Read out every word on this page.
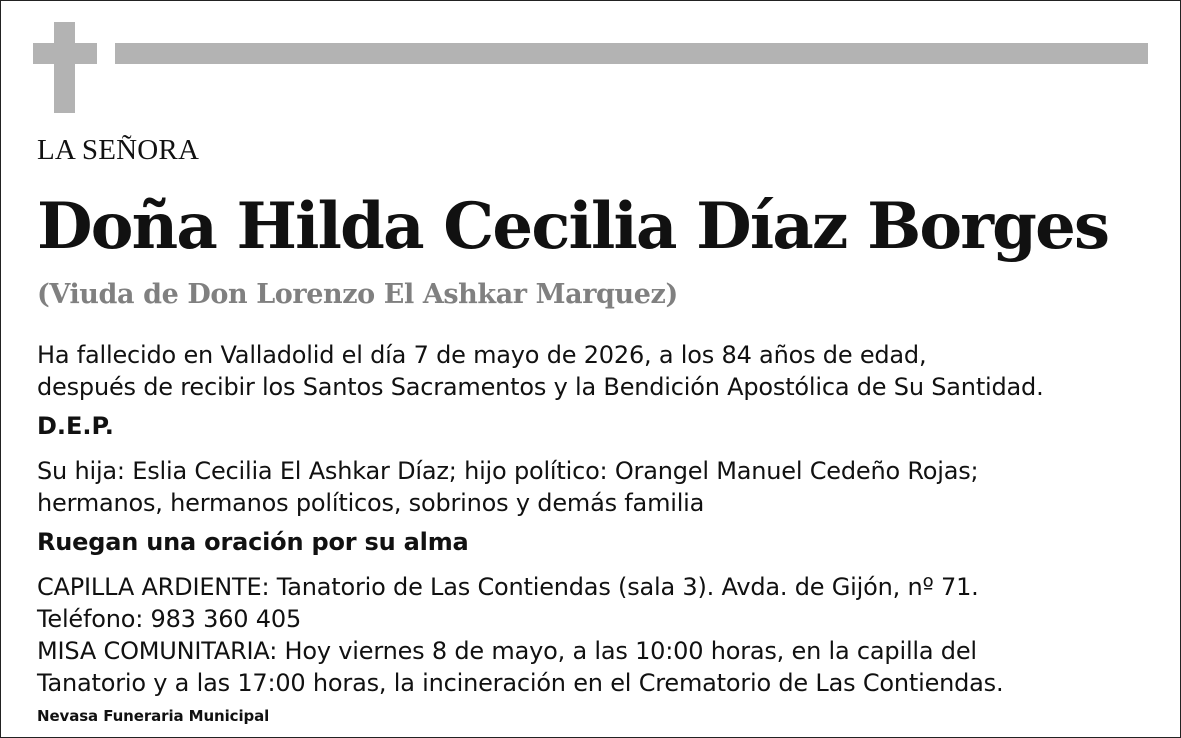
LA SEÑORA

Doña Hilda Cecilia Díaz Borges

(Viuda de Don Lorenzo El Ashkar Marquez)

Ha fallecido en Valladolid el día 7 de mayo de 2026, a los 84 años de edad,
después de recibir los Santos Sacramentos y la Bendición Apostólica de Su Santidad.

D.E.P.

Su hija: Eslia Cecilia El Ashkar Díaz; hijo político: Orangel Manuel Cedeño Rojas;
hermanos, hermanos políticos, sobrinos y demás familia

Ruegan una oración por su alma

CAPILLA ARDIENTE: Tanatorio de Las Contiendas (sala 3). Avda. de Gijón, nº 71.
Teléfono: 983 360 405
MISA COMUNITARIA: Hoy viernes 8 de mayo, a las 10:00 horas, en la capilla del
Tanatorio y a las 17:00 horas, la incineración en el Crematorio de Las Contiendas.

Nevasa Funeraria Municipal
